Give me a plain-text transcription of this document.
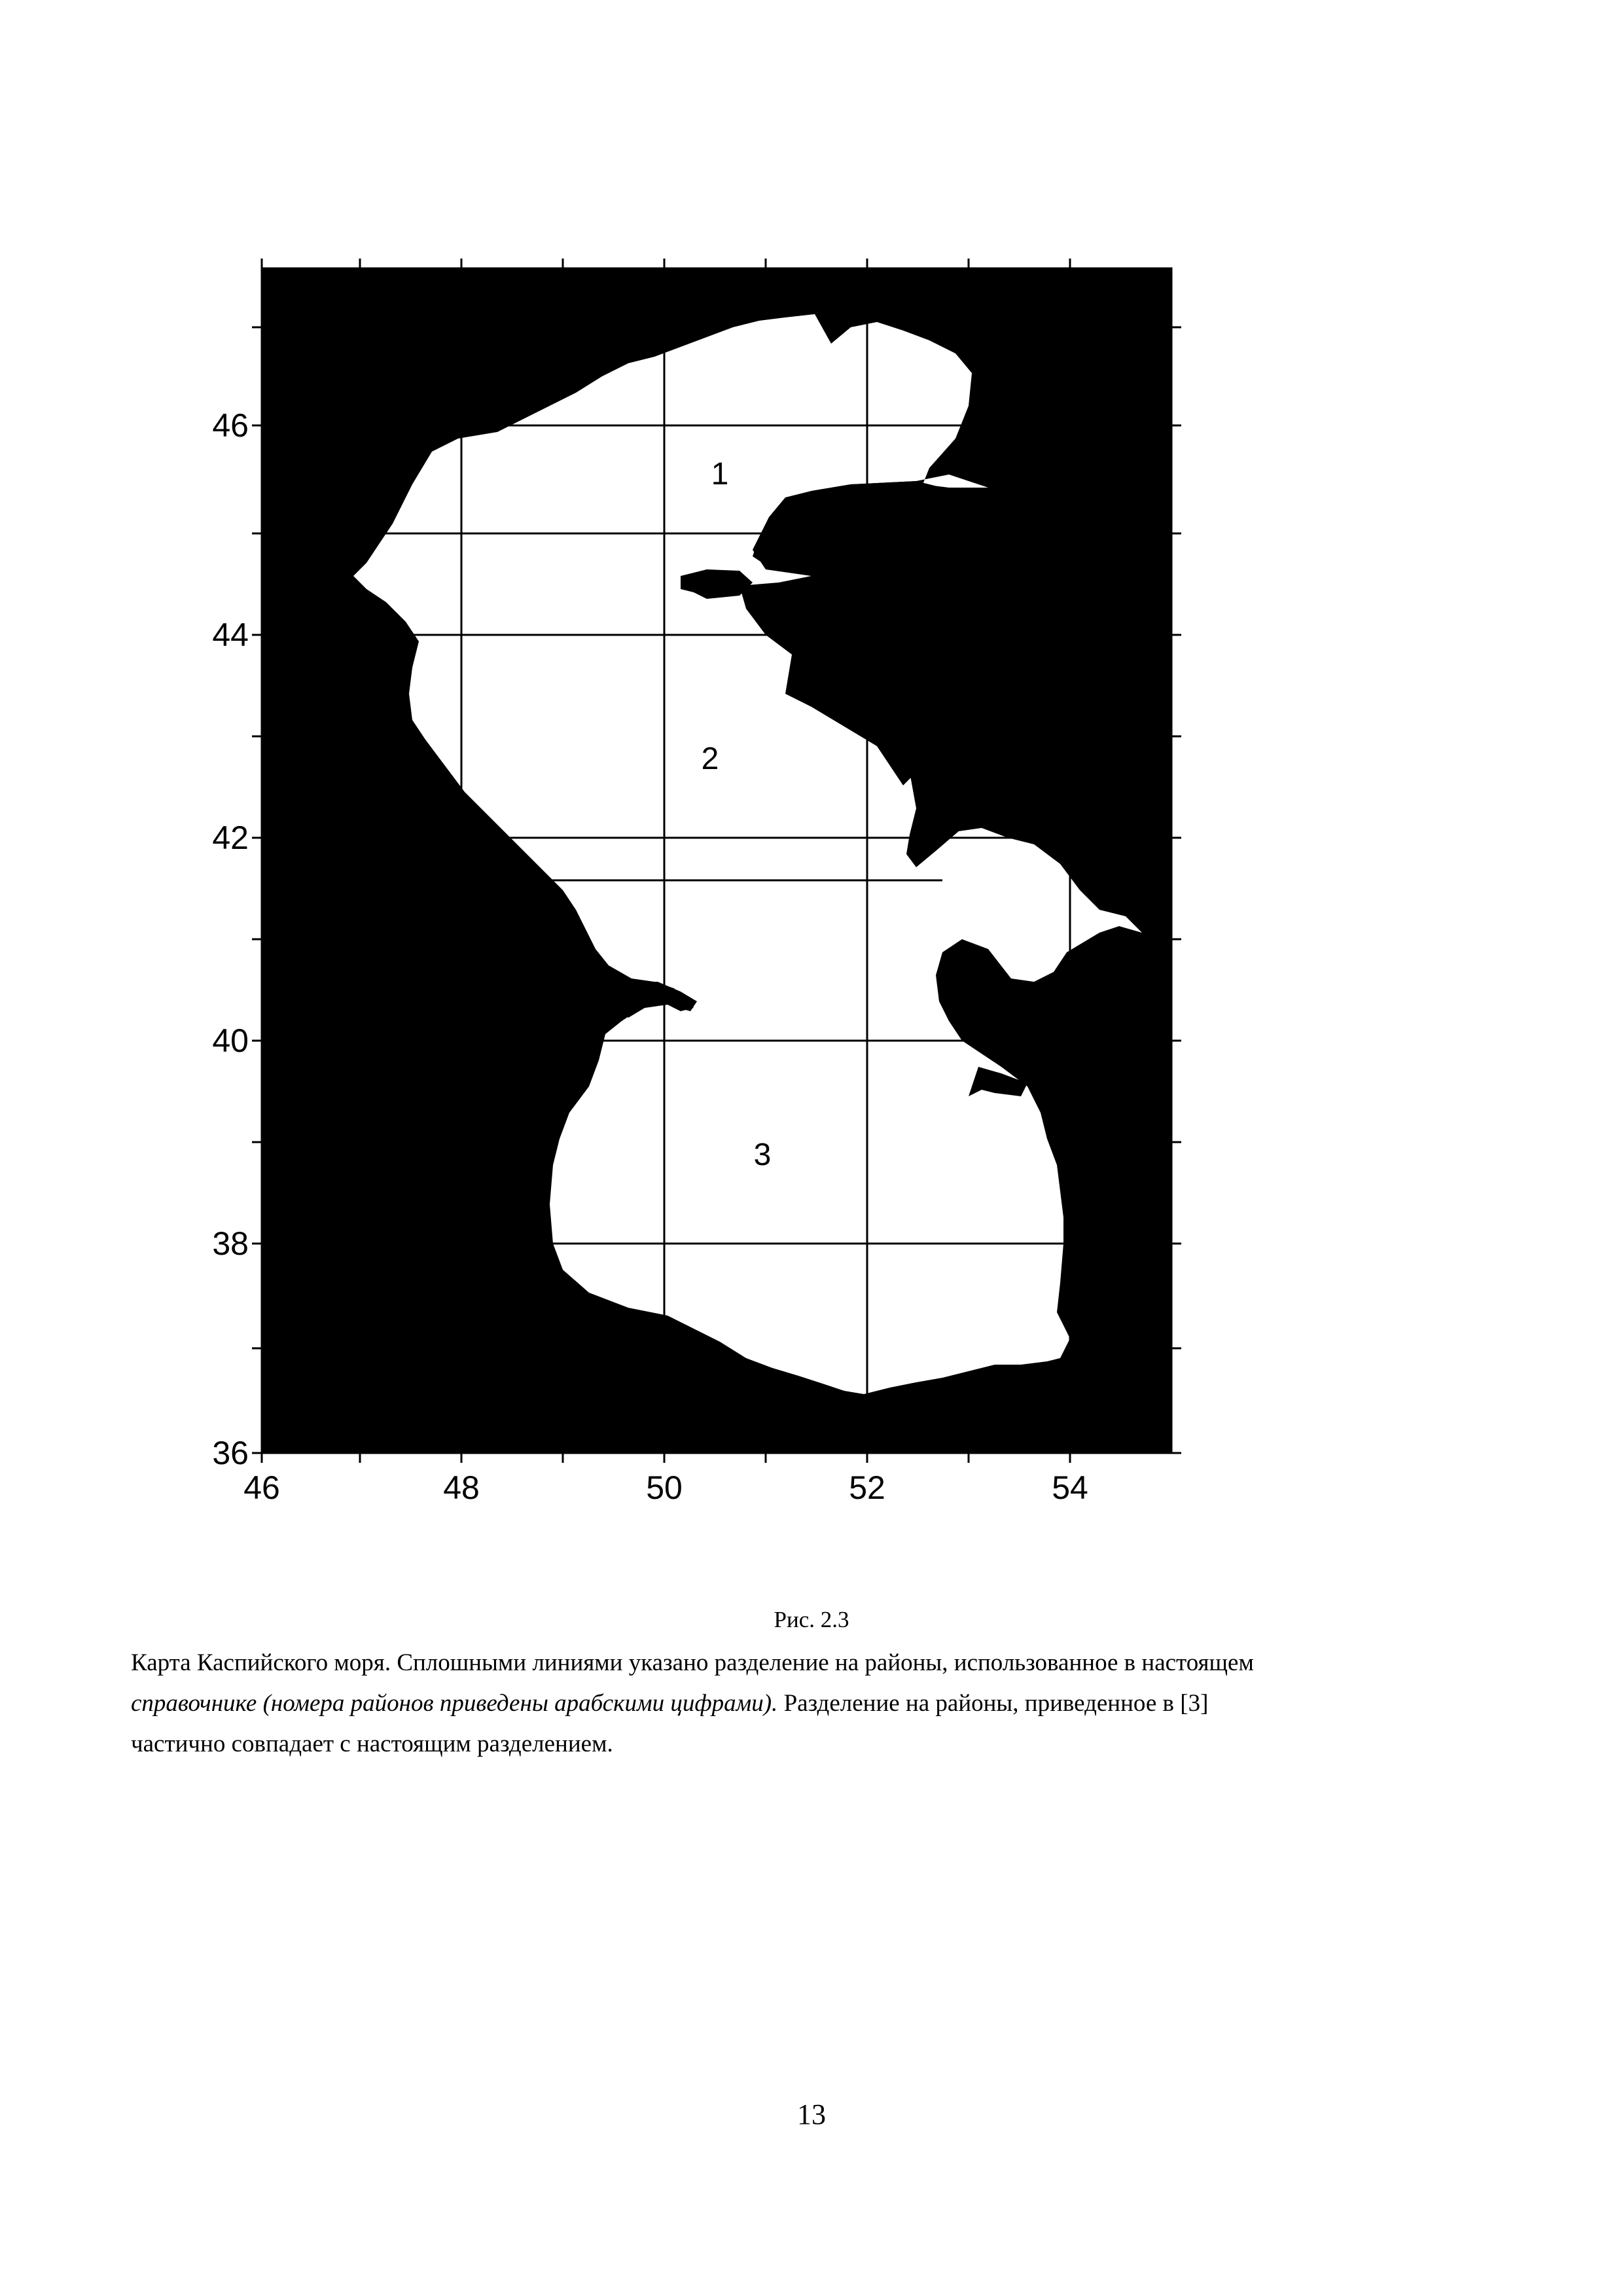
46	48	50	52	54
46
44
42
40
38
36
1
2
3
Рис. 2.3
Карта Каспийского моря. Сплошными линиями указано разделение на районы, использованное в настоящем
справочнике (номера районов приведены арабскими цифрами). Разделение на районы, приведенное в [3]
частично совпадает с настоящим разделением.
13
